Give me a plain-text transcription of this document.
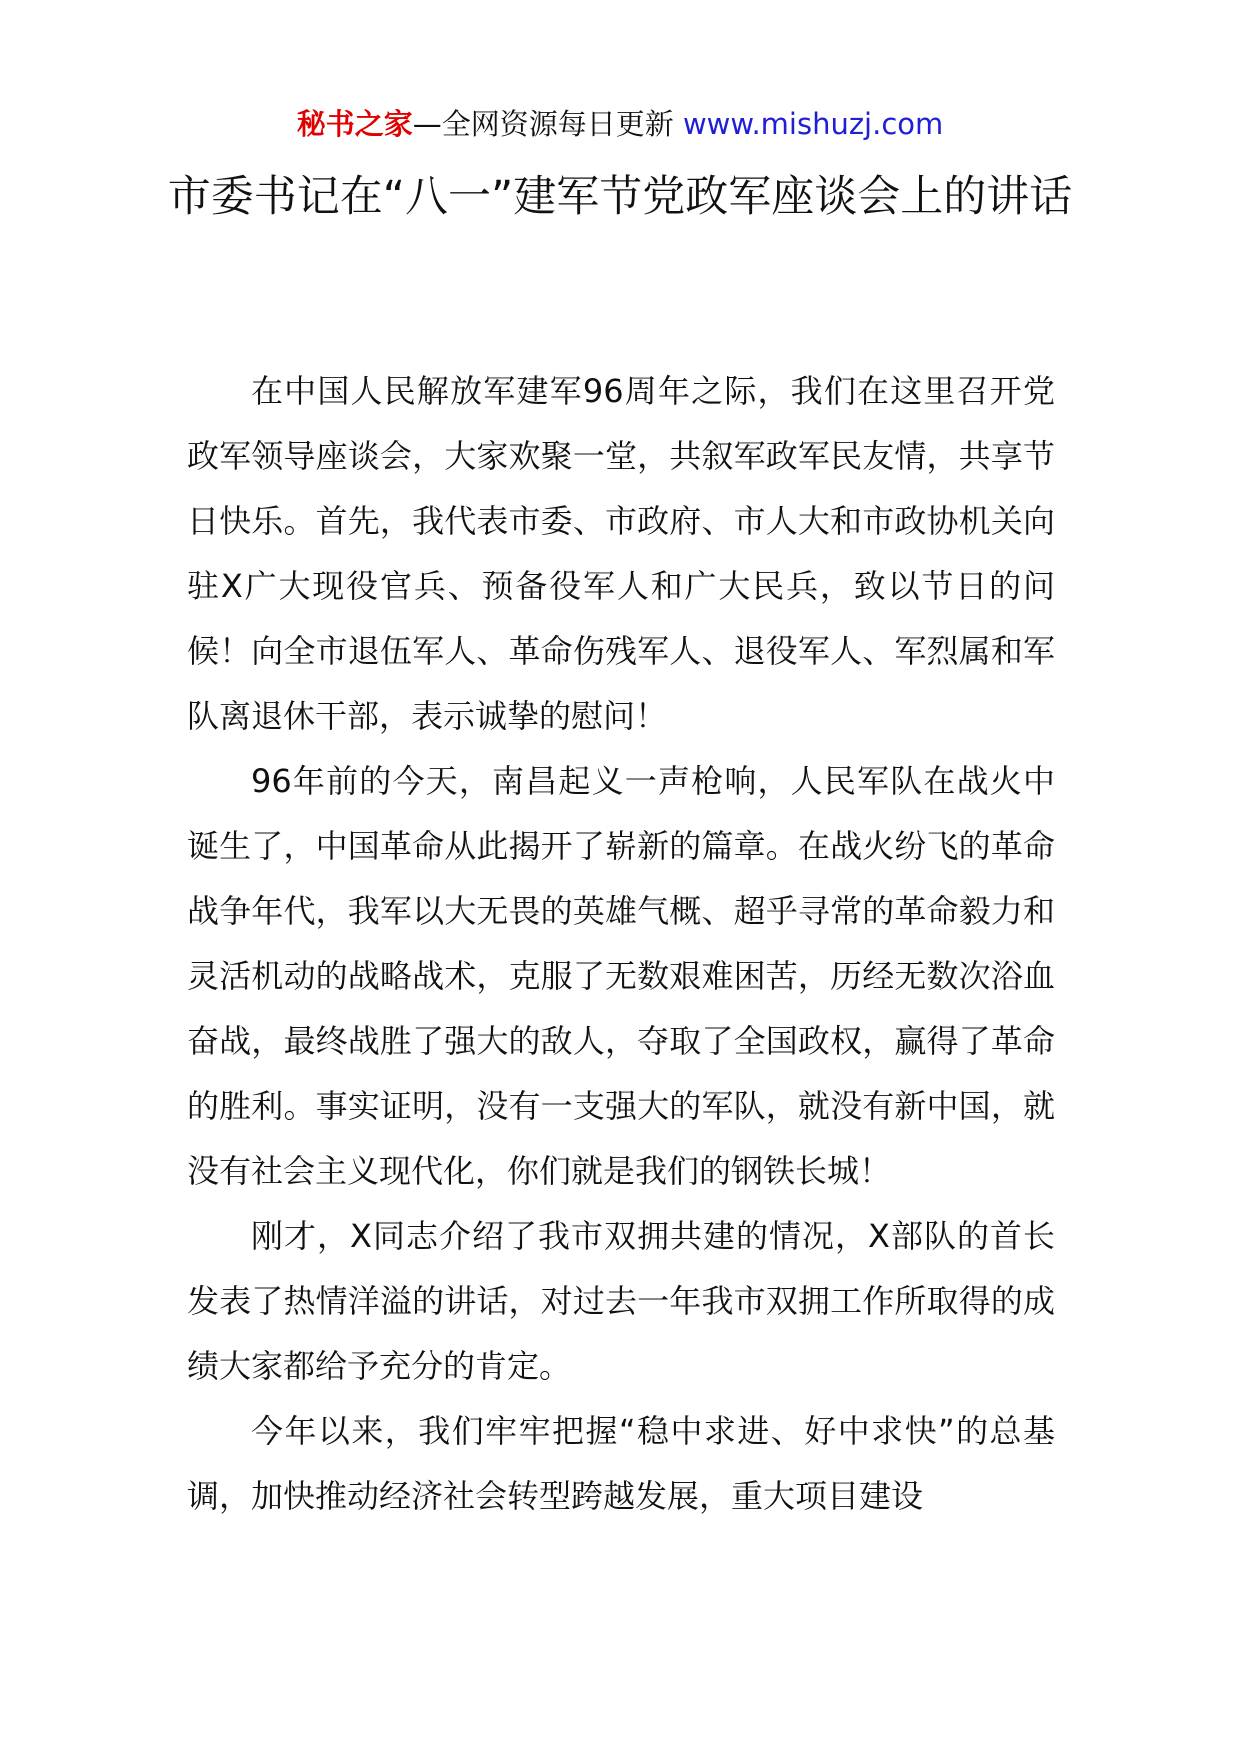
秘书之家—全网资源每日更新 www.mishuzj.com
市委书记在“八一”建军节党政军座谈会上的讲话

在中国人民解放军建军96周年之际，我们在这里召开党政军领导座谈会，大家欢聚一堂，共叙军政军民友情，共享节日快乐。首先，我代表市委、市政府、市人大和市政协机关向驻X广大现役官兵、预备役军人和广大民兵，致以节日的问候！向全市退伍军人、革命伤残军人、退役军人、军烈属和军队离退休干部，表示诚挚的慰问！

96年前的今天，南昌起义一声枪响，人民军队在战火中诞生了，中国革命从此揭开了崭新的篇章。在战火纷飞的革命战争年代，我军以大无畏的英雄气概、超乎寻常的革命毅力和灵活机动的战略战术，克服了无数艰难困苦，历经无数次浴血奋战，最终战胜了强大的敌人，夺取了全国政权，赢得了革命的胜利。事实证明，没有一支强大的军队，就没有新中国，就没有社会主义现代化，你们就是我们的钢铁长城！

刚才，X同志介绍了我市双拥共建的情况，X部队的首长发表了热情洋溢的讲话，对过去一年我市双拥工作所取得的成绩大家都给予充分的肯定。

今年以来，我们牢牢把握“稳中求进、好中求快”的总基调，加快推动经济社会转型跨越发展，重大项目建设
